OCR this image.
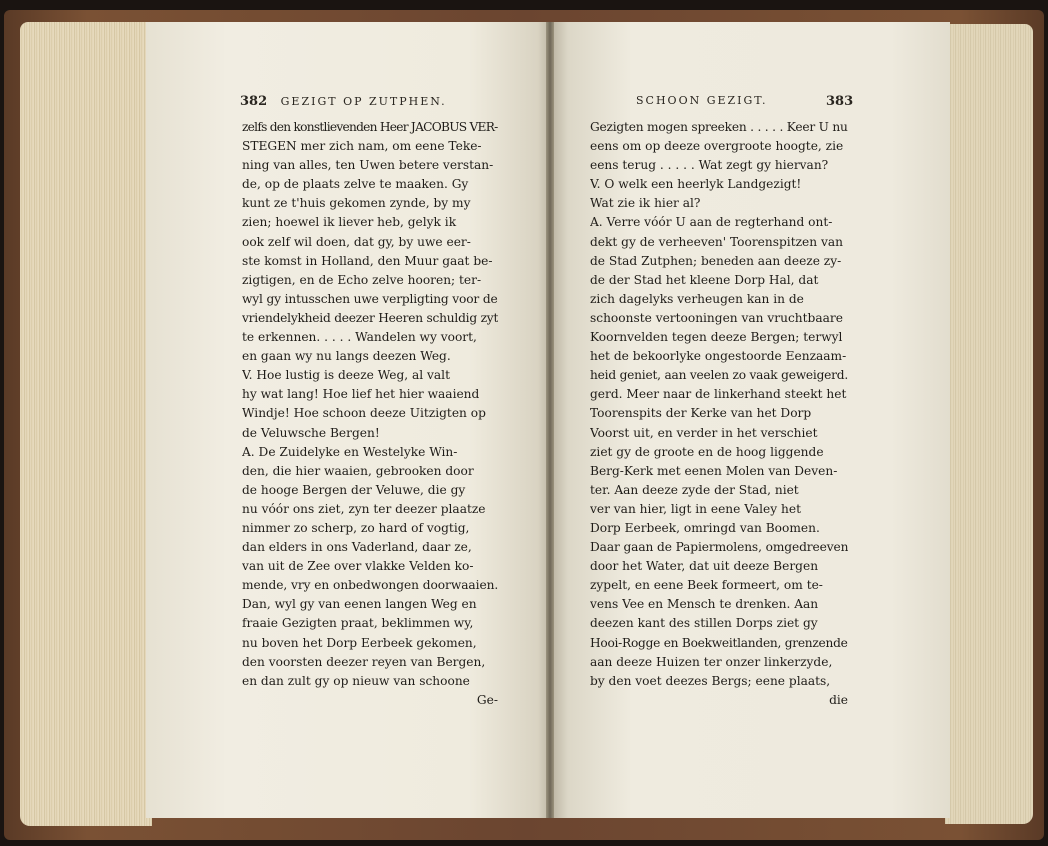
382 GEZIGT OP ZUTPHEN.	SCHOON GEZIGT.	383
zelfs den konstlievenden Heer JACOBUS VER-
STEGEN mer zich nam, om eene Teke-
ning van alles, ten Uwen betere verstan-
de, op de plaats zelve te maaken. Gy
kunt ze t'huis gekomen zynde, by my
zien; hoewel ik liever heb, gelyk ik
ook zelf wil doen, dat gy, by uwe eer-
ste komst in Holland, den Muur gaat be-
zigtigen, en de Echo zelve hooren; ter-
wyl gy intusschen uwe verpligting voor de
vriendelykheid deezer Heeren schuldig zyt
te erkennen. . . . . Wandelen wy voort,
en gaan wy nu langs deezen Weg.
V. Hoe lustig is deeze Weg, al valt
hy wat lang! Hoe lief het hier waaiend
Windje! Hoe schoon deeze Uitzigten op
de Veluwsche Bergen!
A. De Zuidelyke en Westelyke Win-
den, die hier waaien, gebrooken door
de hooge Bergen der Veluwe, die gy
nu vóór ons ziet, zyn ter deezer plaatze
nimmer zo scherp, zo hard of vogtig,
dan elders in ons Vaderland, daar ze,
van uit de Zee over vlakke Velden ko-
mende, vry en onbedwongen doorwaaien.
Dan, wyl gy van eenen langen Weg en
fraaie Gezigten praat, beklimmen wy,
nu boven het Dorp Eerbeek gekomen,
den voorsten deezer reyen van Bergen,
en dan zult gy op nieuw van schoone
Ge-
Gezigten mogen spreeken . . . . . Keer U nu
eens om op deeze overgroote hoogte, zie
eens terug . . . . . Wat zegt gy hiervan?
V. O welk een heerlyk Landgezigt!
Wat zie ik hier al?
A. Verre vóór U aan de regterhand ont-
dekt gy de verheeven' Toorenspitzen van
de Stad Zutphen; beneden aan deeze zy-
de der Stad het kleene Dorp Hal, dat
zich dagelyks verheugen kan in de
schoonste vertooningen van vruchtbaare
Koornvelden tegen deeze Bergen; terwyl
het de bekoorlyke ongestoorde Eenzaam-
heid geniet, aan veelen zo vaak geweigerd.
gerd. Meer naar de linkerhand steekt het
Toorenspits der Kerke van het Dorp
Voorst uit, en verder in het verschiet
ziet gy de groote en de hoog liggende
Berg-Kerk met eenen Molen van Deven-
ter. Aan deeze zyde der Stad, niet
ver van hier, ligt in eene Valey het
Dorp Eerbeek, omringd van Boomen.
Daar gaan de Papiermolens, omgedreeven
door het Water, dat uit deeze Bergen
zypelt, en eene Beek formeert, om te-
vens Vee en Mensch te drenken. Aan
deezen kant des stillen Dorps ziet gy
Hooi-Rogge en Boekweitlanden, grenzende
aan deeze Huizen ter onzer linkerzyde,
by den voet deezes Bergs; eene plaats,
die
